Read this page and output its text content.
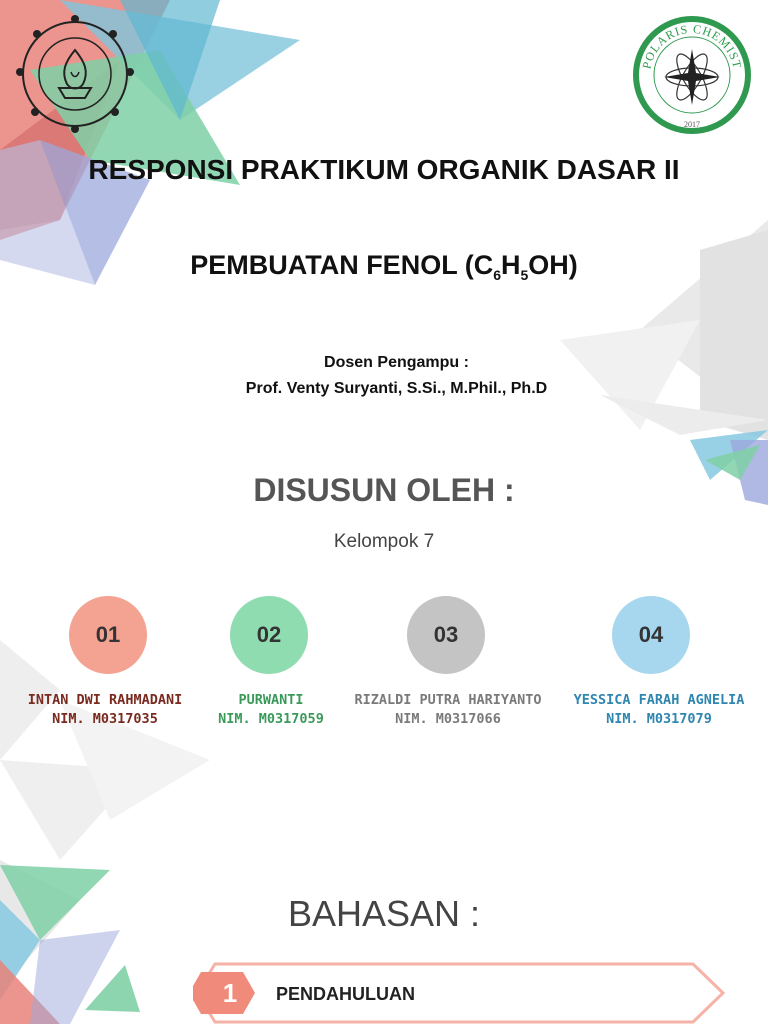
POLARIS CHEMIST
2017
RESPONSI PRAKTIKUM ORGANIK DASAR II
PEMBUATAN FENOL $(C_6H_5OH)$
Dosen Pengampu :
Prof. Venty Suryanti, S.Si., M.Phil., Ph.D
DISUSUN OLEH :
Kelompok 7
01	02	03	04
INTAN DWI RAHMADANI
NIM. M0317035
PURWANTI
NIM. M0317059
RIZALDI PUTRA HARIYANTO
NIM. M0317066
YESSICA FARAH AGNELIA
NIM. M0317079
BAHASAN :
1 PENDAHULUAN
